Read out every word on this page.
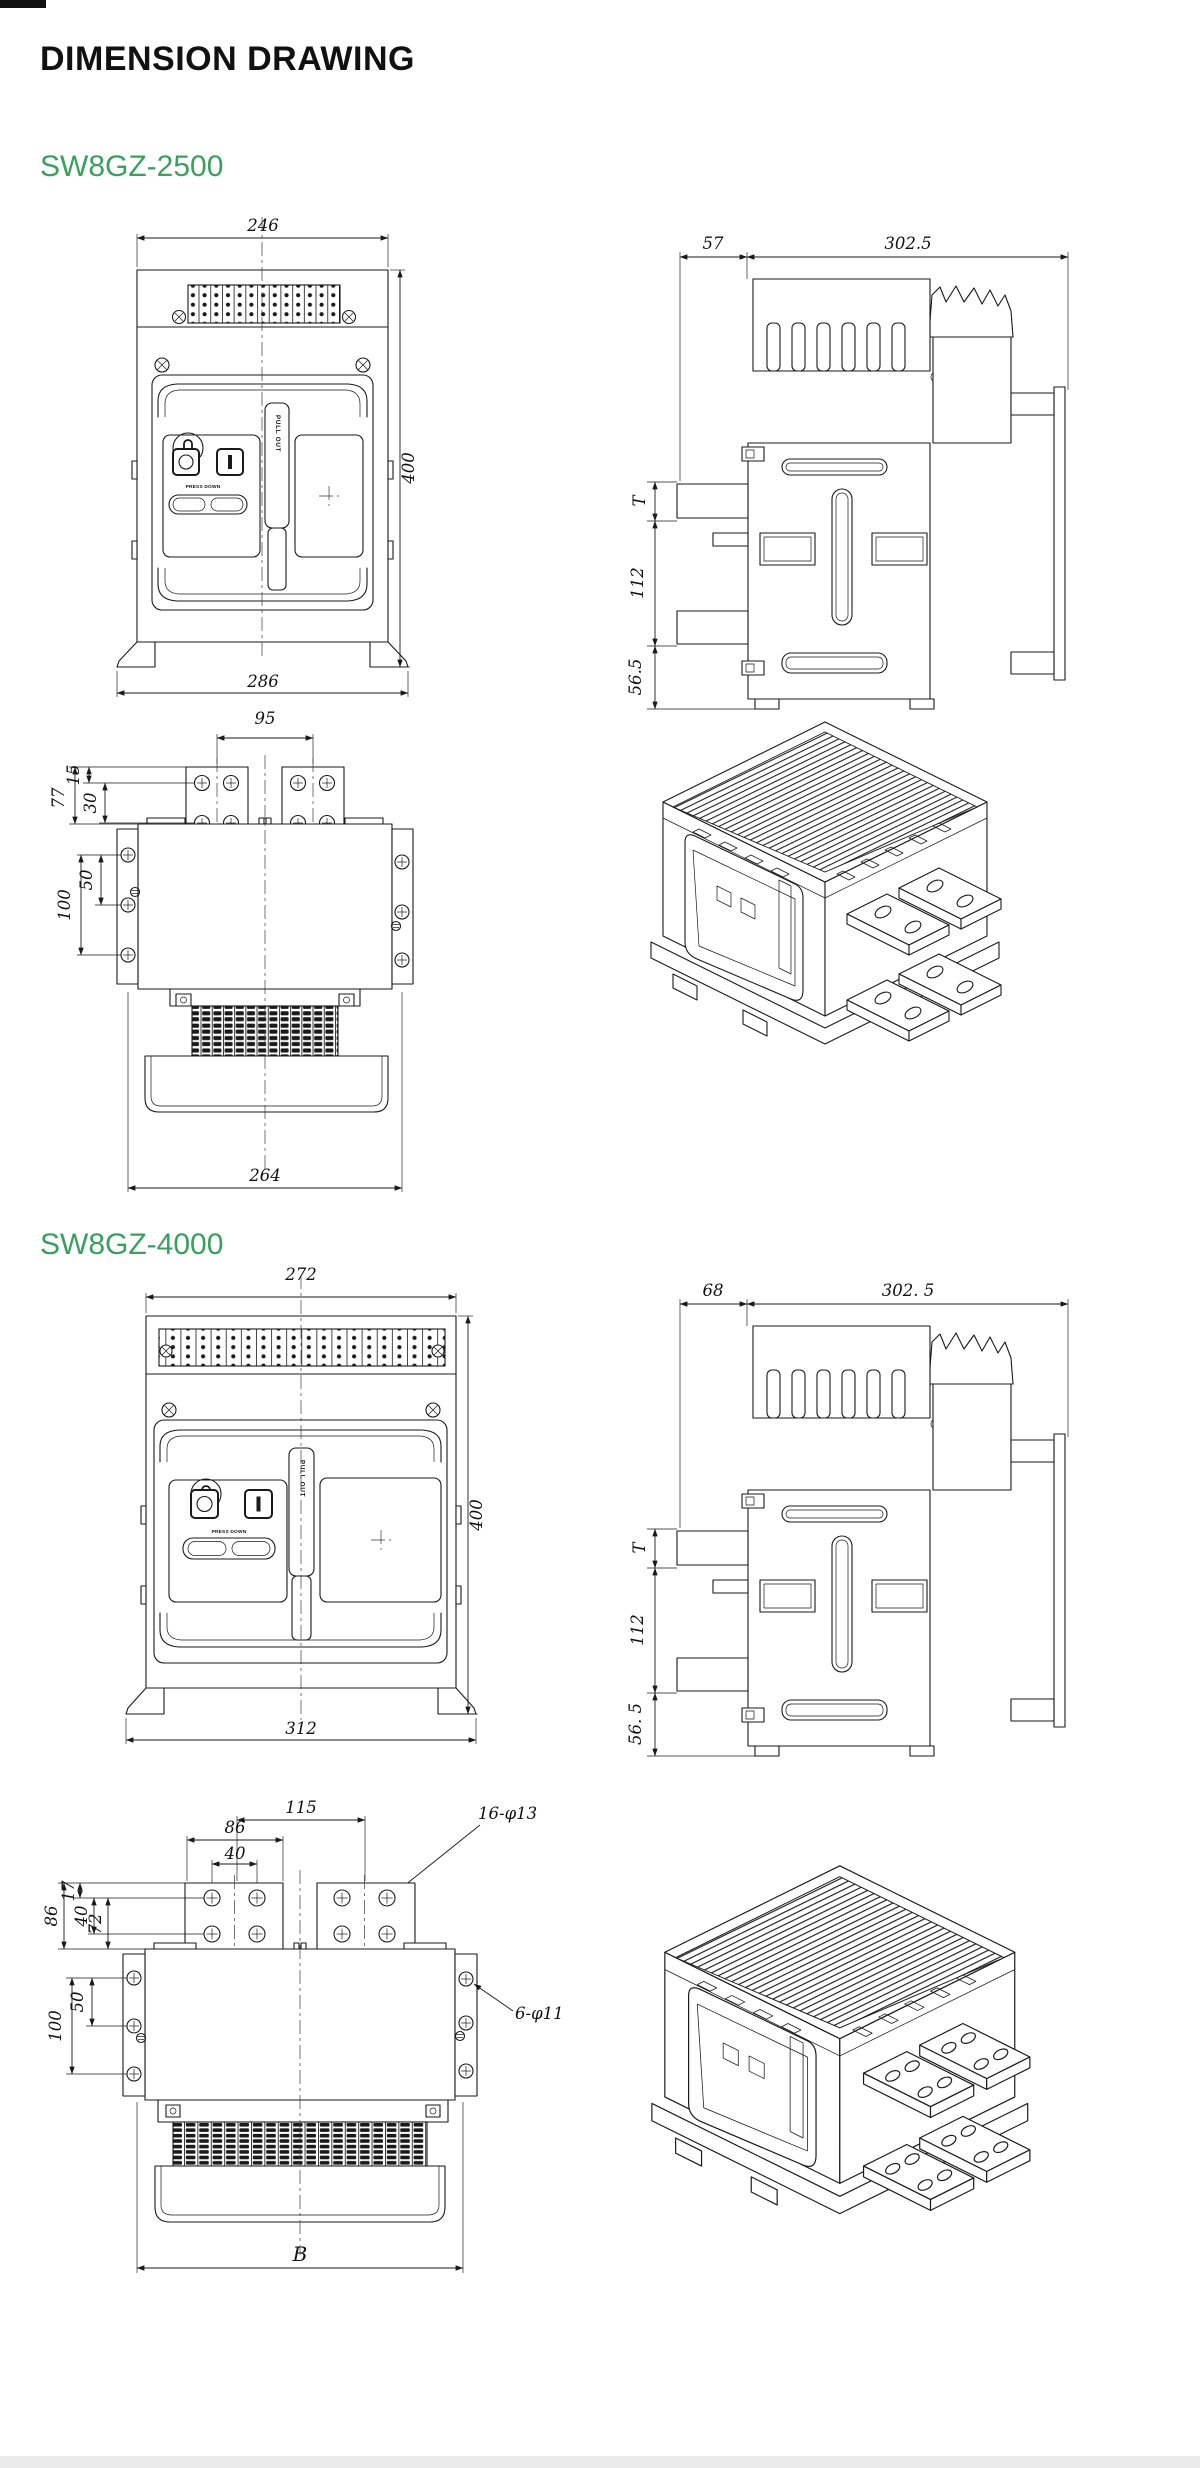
DIMENSION DRAWING
SW8GZ-2500
246
PULL OUT
PRESS DOWN
400
286
57	302.5
T
112
56.5
95
15
30
77
50
100
264
SW8GZ-4000
272
PULL OUT
PRESS DOWN
400
312
68	302. 5
T
112
56. 5
115
86
40
16-φ13
6-φ11
17
40
72
86
50
100
B
